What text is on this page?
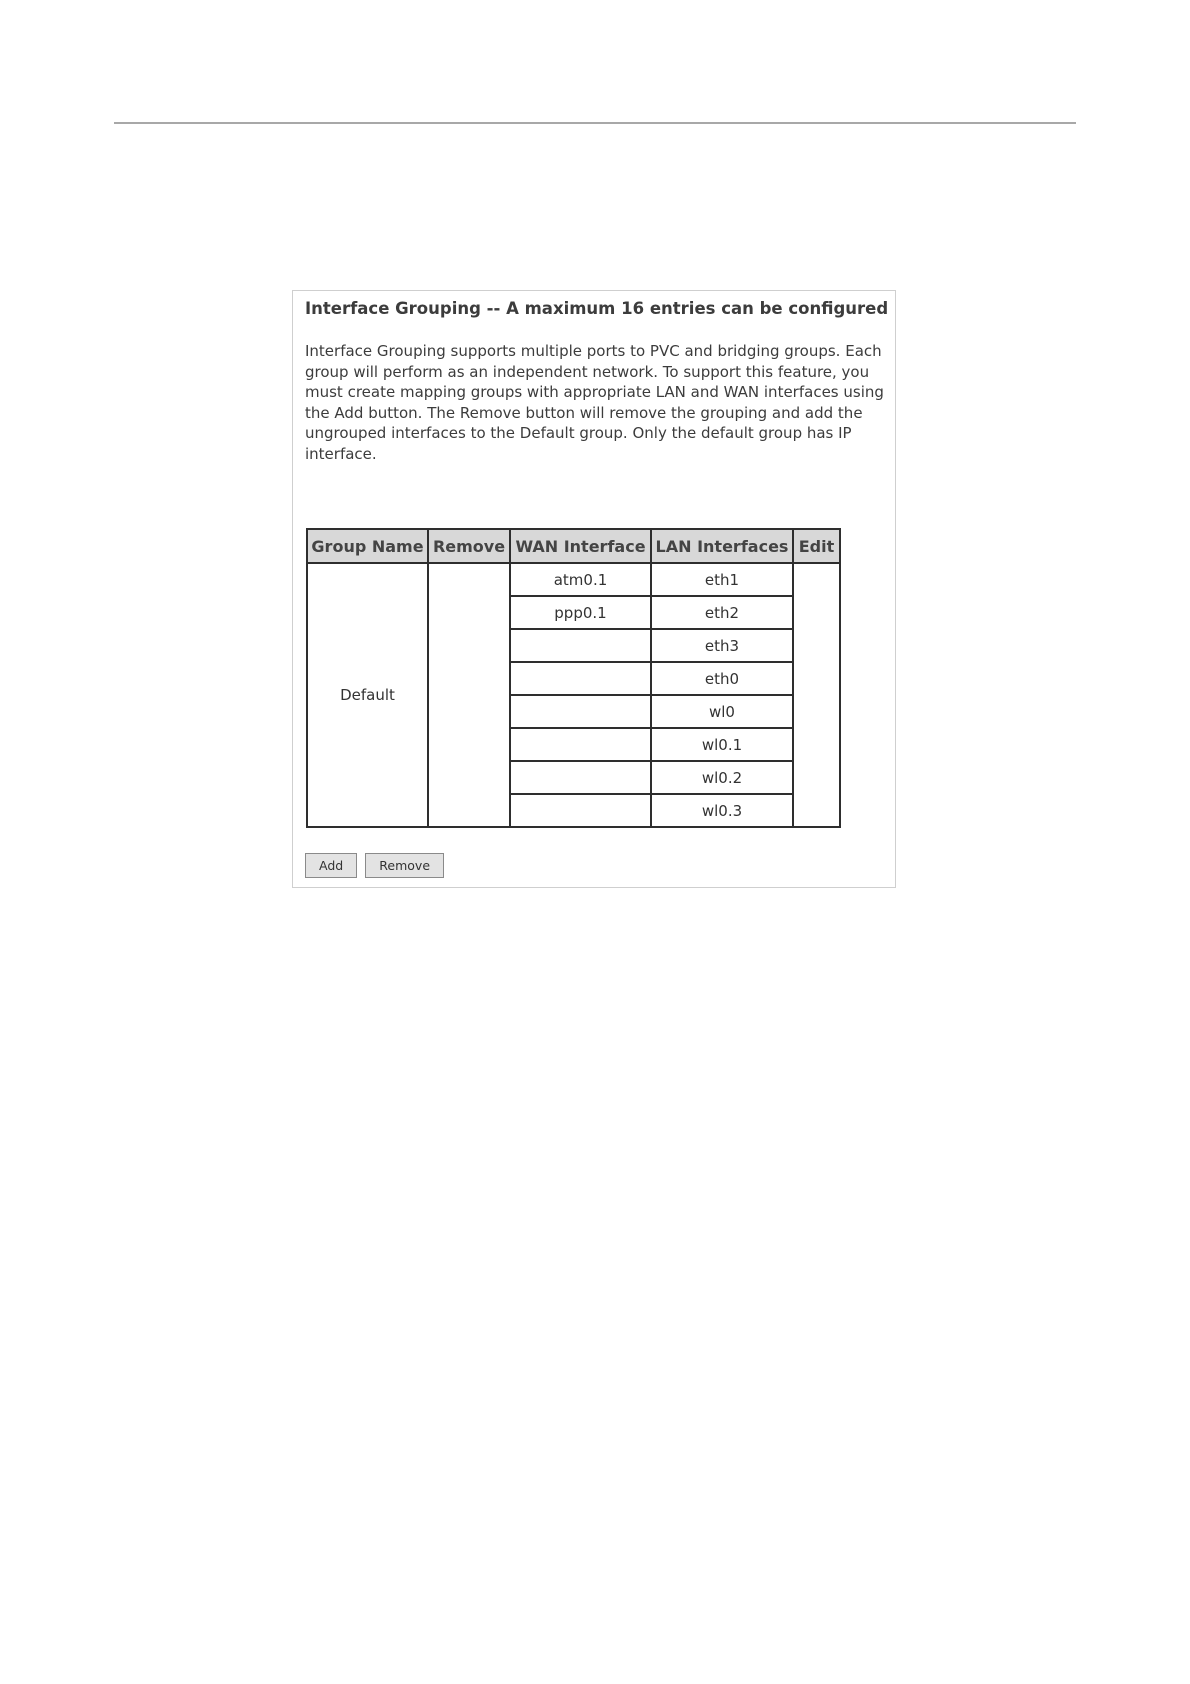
Interface Grouping -- A maximum 16 entries can be configured

Interface Grouping supports multiple ports to PVC and bridging groups. Each group will perform as an independent network. To support this feature, you must create mapping groups with appropriate LAN and WAN interfaces using the Add button. The Remove button will remove the grouping and add the ungrouped interfaces to the Default group. Only the default group has IP interface.

Group Name	Remove	WAN Interface	LAN Interfaces	Edit
Default		atm0.1	eth1	
		ppp0.1	eth2	
			eth3	
			eth0	
			wl0	
			wl0.1	
			wl0.2	
			wl0.3	
Add	Remove
